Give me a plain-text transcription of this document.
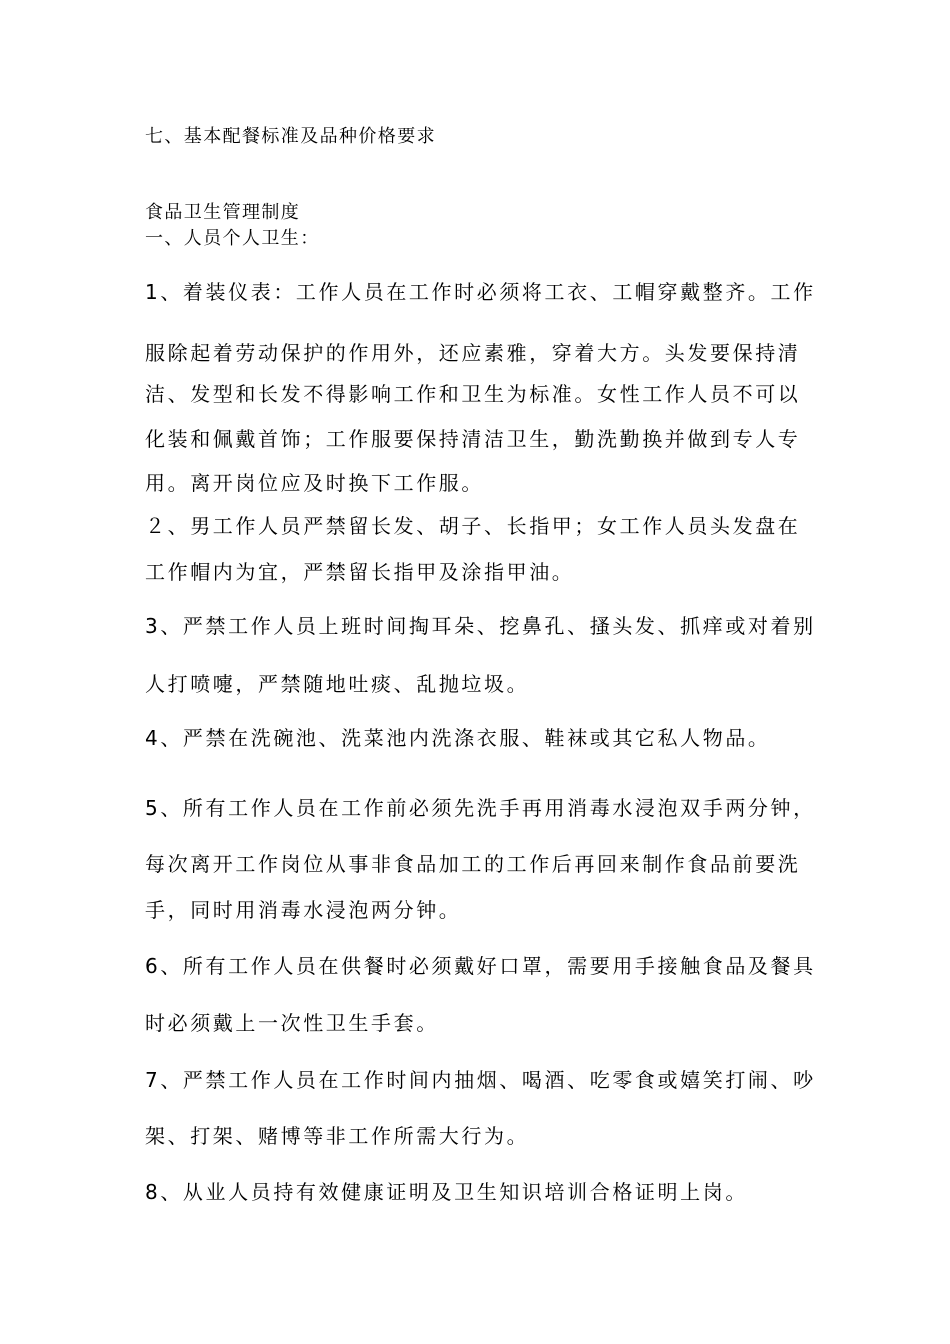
七、基本配餐标准及品种价格要求
食品卫生管理制度
一、人员个人卫生：
1、着装仪表：工作人员在工作时必须将工衣、工帽穿戴整齐。工作
服除起着劳动保护的作用外，还应素雅，穿着大方。头发要保持清
洁、发型和长发不得影响工作和卫生为标准。女性工作人员不可以
化装和佩戴首饰；工作服要保持清洁卫生，勤洗勤换并做到专人专
用。离开岗位应及时换下工作服。
２、男工作人员严禁留长发、胡子、长指甲；女工作人员头发盘在
工作帽内为宜，严禁留长指甲及涂指甲油。
3、严禁工作人员上班时间掏耳朵、挖鼻孔、搔头发、抓痒或对着别
人打喷嚏，严禁随地吐痰、乱抛垃圾。
4、严禁在洗碗池、洗菜池内洗涤衣服、鞋袜或其它私人物品。
5、所有工作人员在工作前必须先洗手再用消毒水浸泡双手两分钟，
每次离开工作岗位从事非食品加工的工作后再回来制作食品前要洗
手，同时用消毒水浸泡两分钟。
6、所有工作人员在供餐时必须戴好口罩，需要用手接触食品及餐具
时必须戴上一次性卫生手套。
7、严禁工作人员在工作时间内抽烟、喝酒、吃零食或嬉笑打闹、吵
架、打架、赌博等非工作所需大行为。
8、从业人员持有效健康证明及卫生知识培训合格证明上岗。
